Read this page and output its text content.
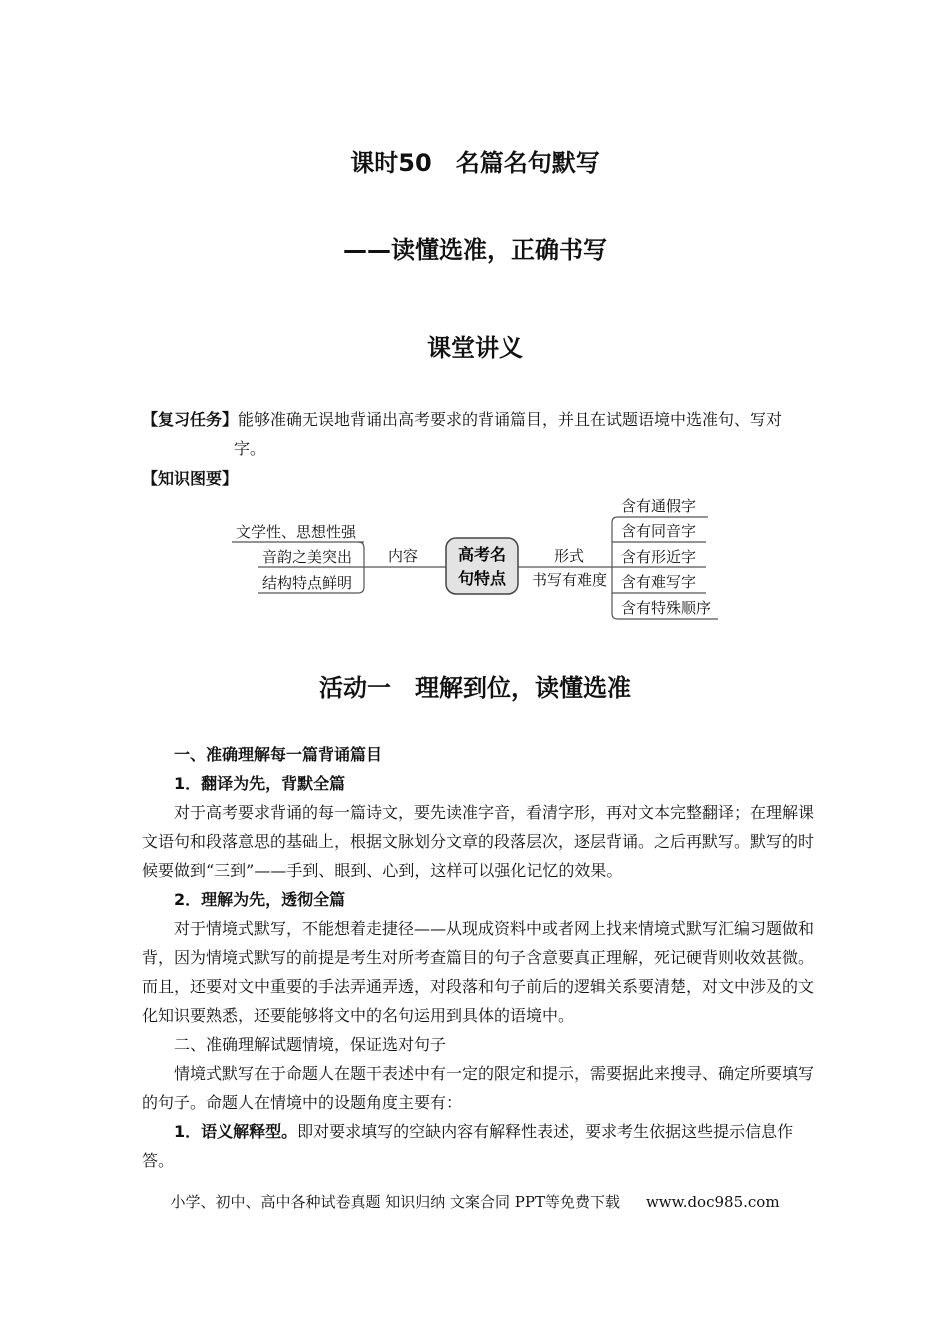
课时50　名篇名句默写
——读懂选准，正确书写
课堂讲义

【复习任务】能够准确无误地背诵出高考要求的背诵篇目，并且在试题语境中选准句、写对字。

【知识图要】
文学性、思想性强
音韵之美突出
结构特点鲜明
内容 高考名
句特点
形式
书写有难度
含有通假字
含有同音字
含有形近字
含有难写字
含有特殊顺序
活动一　理解到位，读懂选准

一、准确理解每一篇背诵篇目

1．翻译为先，背默全篇

对于高考要求背诵的每一篇诗文，要先读准字音，看清字形，再对文本完整翻译；在理解课文语句和段落意思的基础上，根据文脉划分文章的段落层次，逐层背诵。之后再默写。默写的时候要做到“三到”——手到、眼到、心到，这样可以强化记忆的效果。

2．理解为先，透彻全篇

对于情境式默写，不能想着走捷径——从现成资料中或者网上找来情境式默写汇编习题做和背，因为情境式默写的前提是考生对所考查篇目的句子含意要真正理解，死记硬背则收效甚微。而且，还要对文中重要的手法弄通弄透，对段落和句子前后的逻辑关系要清楚，对文中涉及的文化知识要熟悉，还要能够将文中的名句运用到具体的语境中。

二、准确理解试题情境，保证选对句子

情境式默写在于命题人在题干表述中有一定的限定和提示，需要据此来搜寻、确定所要填写的句子。命题人在情境中的设题角度主要有：

1．语义解释型。即对要求填写的空缺内容有解释性表述，要求考生依据这些提示信息作答。

小学、初中、高中各种试卷真题 知识归纳 文案合同 PPT等免费下载 www.doc985.com
